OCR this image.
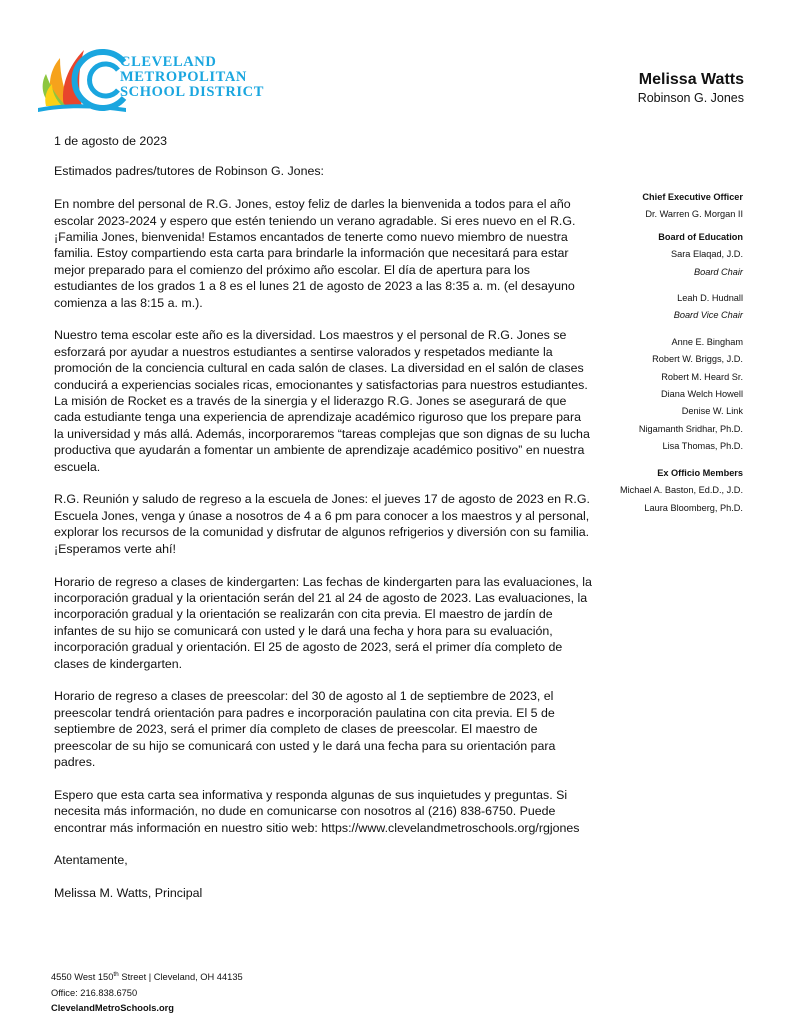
CLEVELAND
METROPOLITAN
SCHOOL DISTRICT
Melissa Watts
Robinson G. Jones

1 de agosto de 2023

Estimados padres/tutores de Robinson G. Jones:

En nombre del personal de R.G. Jones, estoy feliz de darles la bienvenida a todos para el año escolar 2023-2024 y espero que estén teniendo un verano agradable. Si eres nuevo en el R.G. ¡Familia Jones, bienvenida! Estamos encantados de tenerte como nuevo miembro de nuestra familia. Estoy compartiendo esta carta para brindarle la información que necesitará para estar mejor preparado para el comienzo del próximo año escolar. El día de apertura para los estudiantes de los grados 1 a 8 es el lunes 21 de agosto de 2023 a las 8:35 a. m. (el desayuno comienza a las 8:15 a. m.).

Nuestro tema escolar este año es la diversidad. Los maestros y el personal de R.G. Jones se esforzará por ayudar a nuestros estudiantes a sentirse valorados y respetados mediante la promoción de la conciencia cultural en cada salón de clases. La diversidad en el salón de clases conducirá a experiencias sociales ricas, emocionantes y satisfactorias para nuestros estudiantes. La misión de Rocket es a través de la sinergia y el liderazgo R.G. Jones se asegurará de que cada estudiante tenga una experiencia de aprendizaje académico riguroso que los prepare para la universidad y más allá. Además, incorporaremos “tareas complejas que son dignas de su lucha productiva que ayudarán a fomentar un ambiente de aprendizaje académico positivo” en nuestra escuela.

R.G. Reunión y saludo de regreso a la escuela de Jones: el jueves 17 de agosto de 2023 en R.G. Escuela Jones, venga y únase a nosotros de 4 a 6 pm para conocer a los maestros y al personal, explorar los recursos de la comunidad y disfrutar de algunos refrigerios y diversión con su familia. ¡Esperamos verte ahí!

Horario de regreso a clases de kindergarten: Las fechas de kindergarten para las evaluaciones, la incorporación gradual y la orientación serán del 21 al 24 de agosto de 2023. Las evaluaciones, la incorporación gradual y la orientación se realizarán con cita previa. El maestro de jardín de infantes de su hijo se comunicará con usted y le dará una fecha y hora para su evaluación, incorporación gradual y orientación. El 25 de agosto de 2023, será el primer día completo de clases de kindergarten.

Horario de regreso a clases de preescolar: del 30 de agosto al 1 de septiembre de 2023, el preescolar tendrá orientación para padres e incorporación paulatina con cita previa. El 5 de septiembre de 2023, será el primer día completo de clases de preescolar. El maestro de preescolar de su hijo se comunicará con usted y le dará una fecha para su orientación para padres.

Espero que esta carta sea informativa y responda algunas de sus inquietudes y preguntas. Si necesita más información, no dude en comunicarse con nosotros al (216) 838-6750. Puede encontrar más información en nuestro sitio web: https://www.clevelandmetroschools.org/rgjones

Atentamente,

Melissa M. Watts, Principal

Chief Executive Officer
Dr. Warren G. Morgan II
Board of Education
Sara Elaqad, J.D.
Board Chair
Leah D. Hudnall
Board Vice Chair
Anne E. Bingham
Robert W. Briggs, J.D.
Robert M. Heard Sr.
Diana Welch Howell
Denise W. Link
Nigamanth Sridhar, Ph.D.
Lisa Thomas, Ph.D.
Ex Officio Members
Michael A. Baston, Ed.D., J.D.
Laura Bloomberg, Ph.D.
4550 West 150th Street | Cleveland, OH 44135
Office: 216.838.6750
ClevelandMetroSchools.org
